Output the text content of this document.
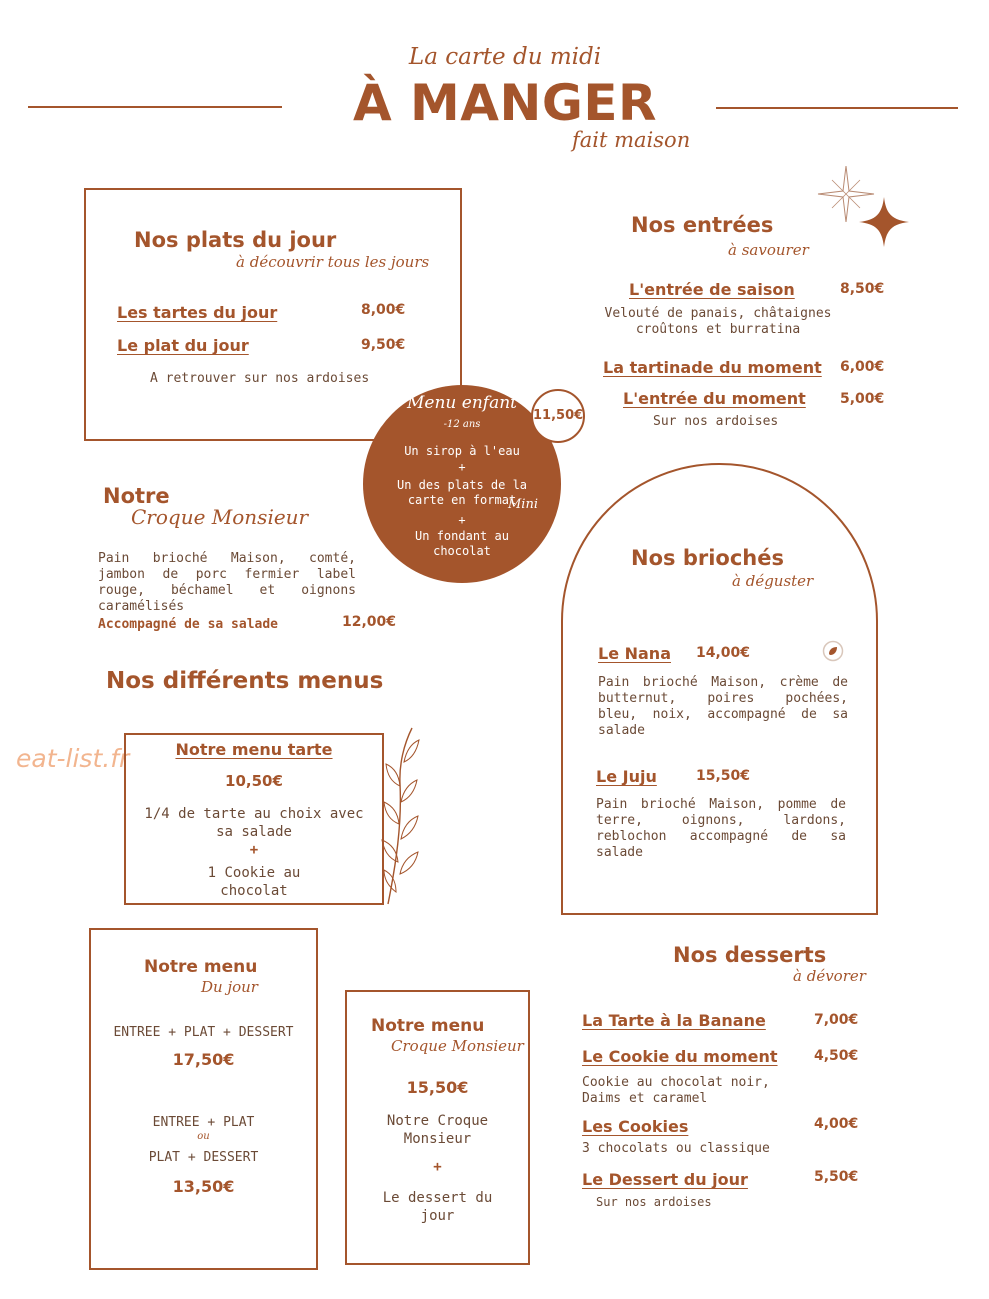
La carte du midi
À MANGER
fait maison
Nos plats du jour
à découvrir tous les jours
Les tartes du jour	8,00€
Le plat du jour	9,50€
A retrouver sur nos ardoises
Nos entrées
à savourer
L'entrée de saison	8,50€
Velouté de panais, châtaignes croûtons et burratina
La tartinade du moment 6,00€
L'entrée du moment 5,00€
Sur nos ardoises
Menu enfant
-12 ans
Un sirop à l'eau
+
Un des plats de la carte en format
Mini
+
Un fondant au chocolat
11,50€
Notre
Croque Monsieur
Pain brioché Maison, comté, jambon de porc fermier label rouge, béchamel et oignons caramélisés
Accompagné de sa salade	12,00€
Nos différents menus
eat-list.fr	Notre menu tarte
10,50€
1/4 de tarte au choix avec sa salade
+
1 Cookie au chocolat
Nos briochés
à déguster
Le Nana 14,00€
Pain brioché Maison, crème de butternut, poires pochées, bleu, noix, accompagné de sa salade
Le Juju	15,50€
Pain brioché Maison, pomme de terre, oignons, lardons, reblochon accompagné de sa salade
Notre menu
Du jour
ENTREE + PLAT + DESSERT
17,50€
ENTREE + PLAT
ou
PLAT + DESSERT
13,50€
Notre menu
Croque Monsieur
15,50€
Notre Croque Monsieur
+
Le dessert du jour
Nos desserts
à dévorer
La Tarte à la Banane	7,00€
Le Cookie du moment	4,50€
Cookie au chocolat noir, Daims et caramel
Les Cookies	4,00€
3 chocolats ou classique
Le Dessert du jour	5,50€
Sur nos ardoises
